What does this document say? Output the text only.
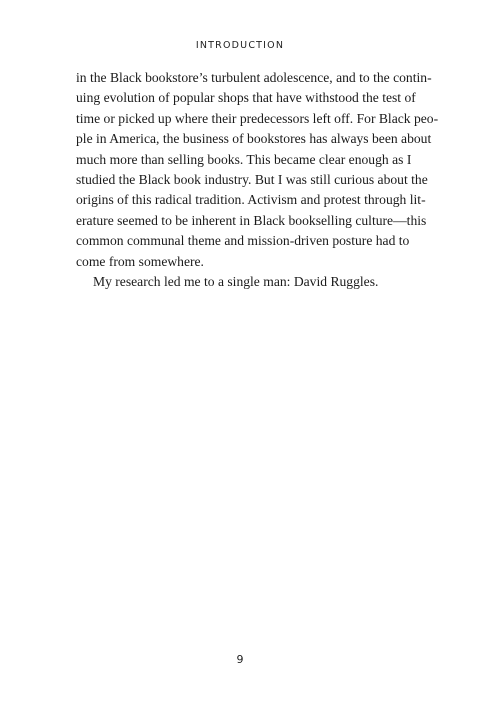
INTRODUCTION
in the Black bookstore’s turbulent adolescence, and to the contin-
uing evolution of popular shops that have withstood the test of
time or picked up where their predecessors left off. For Black peo-
ple in America, the business of bookstores has always been about
much more than selling books. This became clear enough as I
studied the Black book industry. But I was still curious about the
origins of this radical tradition. Activism and protest through lit-
erature seemed to be inherent in Black bookselling culture—this
common communal theme and mission-driven posture had to
come from somewhere.
My research led me to a single man: David Ruggles.
9
